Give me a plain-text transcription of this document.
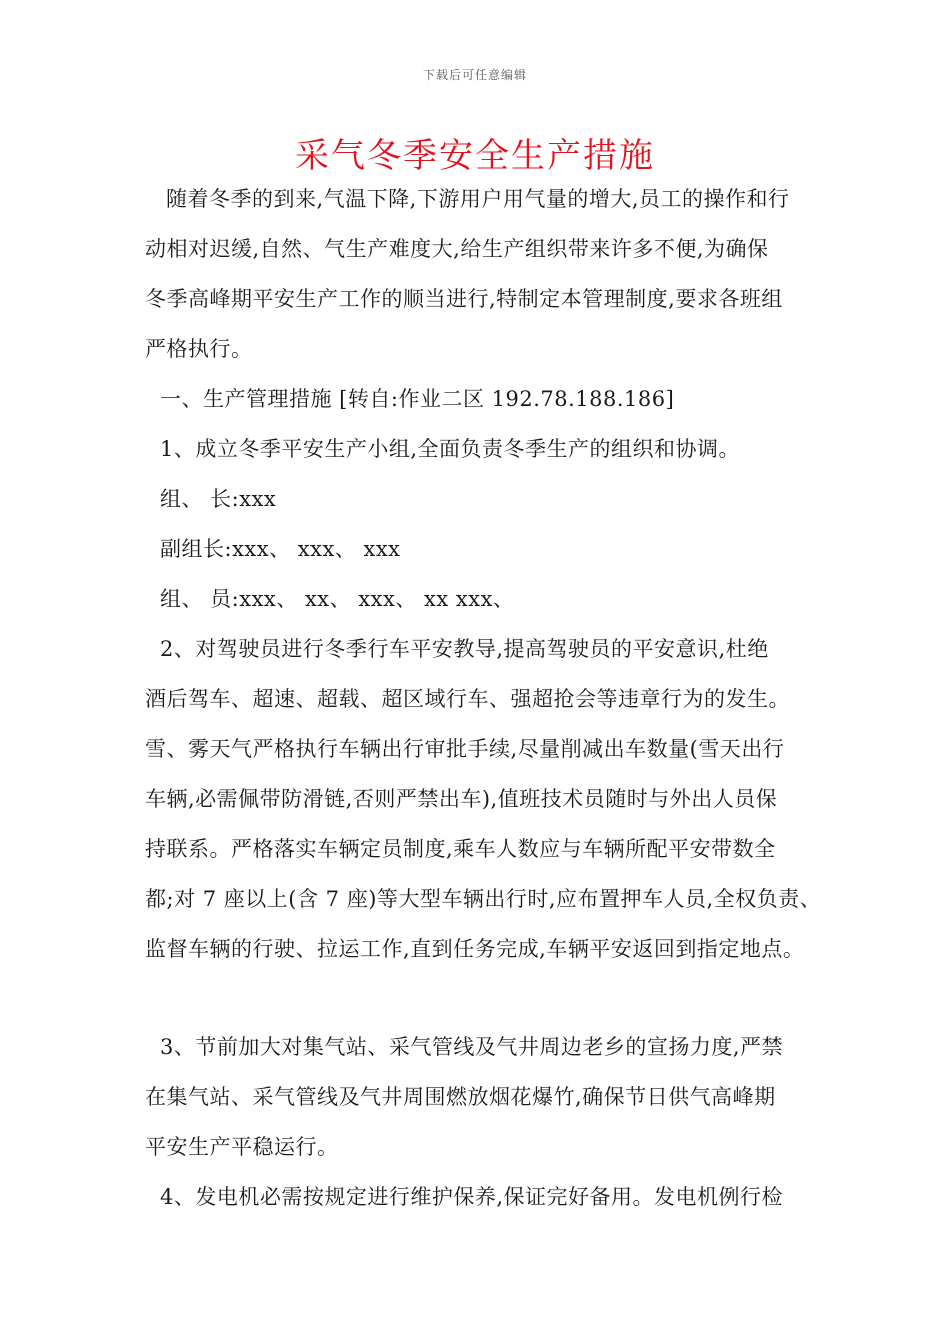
下载后可任意编辑
采气冬季安全生产措施
随着冬季的到来,气温下降,下游用户用气量的增大,员工的操作和行
动相对迟缓,自然、气生产难度大,给生产组织带来许多不便,为确保
冬季高峰期平安生产工作的顺当进行,特制定本管理制度,要求各班组
严格执行。
一、生产管理措施 [转自:作业二区 192.78.188.186]
1、成立冬季平安生产小组,全面负责冬季生产的组织和协调。
组、 长:xxx
副组长:xxx、 xxx、 xxx
组、 员:xxx、 xx、 xxx、 xx xxx、
2、对驾驶员进行冬季行车平安教导,提高驾驶员的平安意识,杜绝
酒后驾车、超速、超载、超区域行车、强超抢会等违章行为的发生。
雪、雾天气严格执行车辆出行审批手续,尽量削减出车数量(雪天出行
车辆,必需佩带防滑链,否则严禁出车),值班技术员随时与外出人员保
持联系。严格落实车辆定员制度,乘车人数应与车辆所配平安带数全
都;对 7 座以上(含 7 座)等大型车辆出行时,应布置押车人员,全权负责、
监督车辆的行驶、拉运工作,直到任务完成,车辆平安返回到指定地点。
3、节前加大对集气站、采气管线及气井周边老乡的宣扬力度,严禁
在集气站、采气管线及气井周围燃放烟花爆竹,确保节日供气高峰期
平安生产平稳运行。
4、发电机必需按规定进行维护保养,保证完好备用。发电机例行检
